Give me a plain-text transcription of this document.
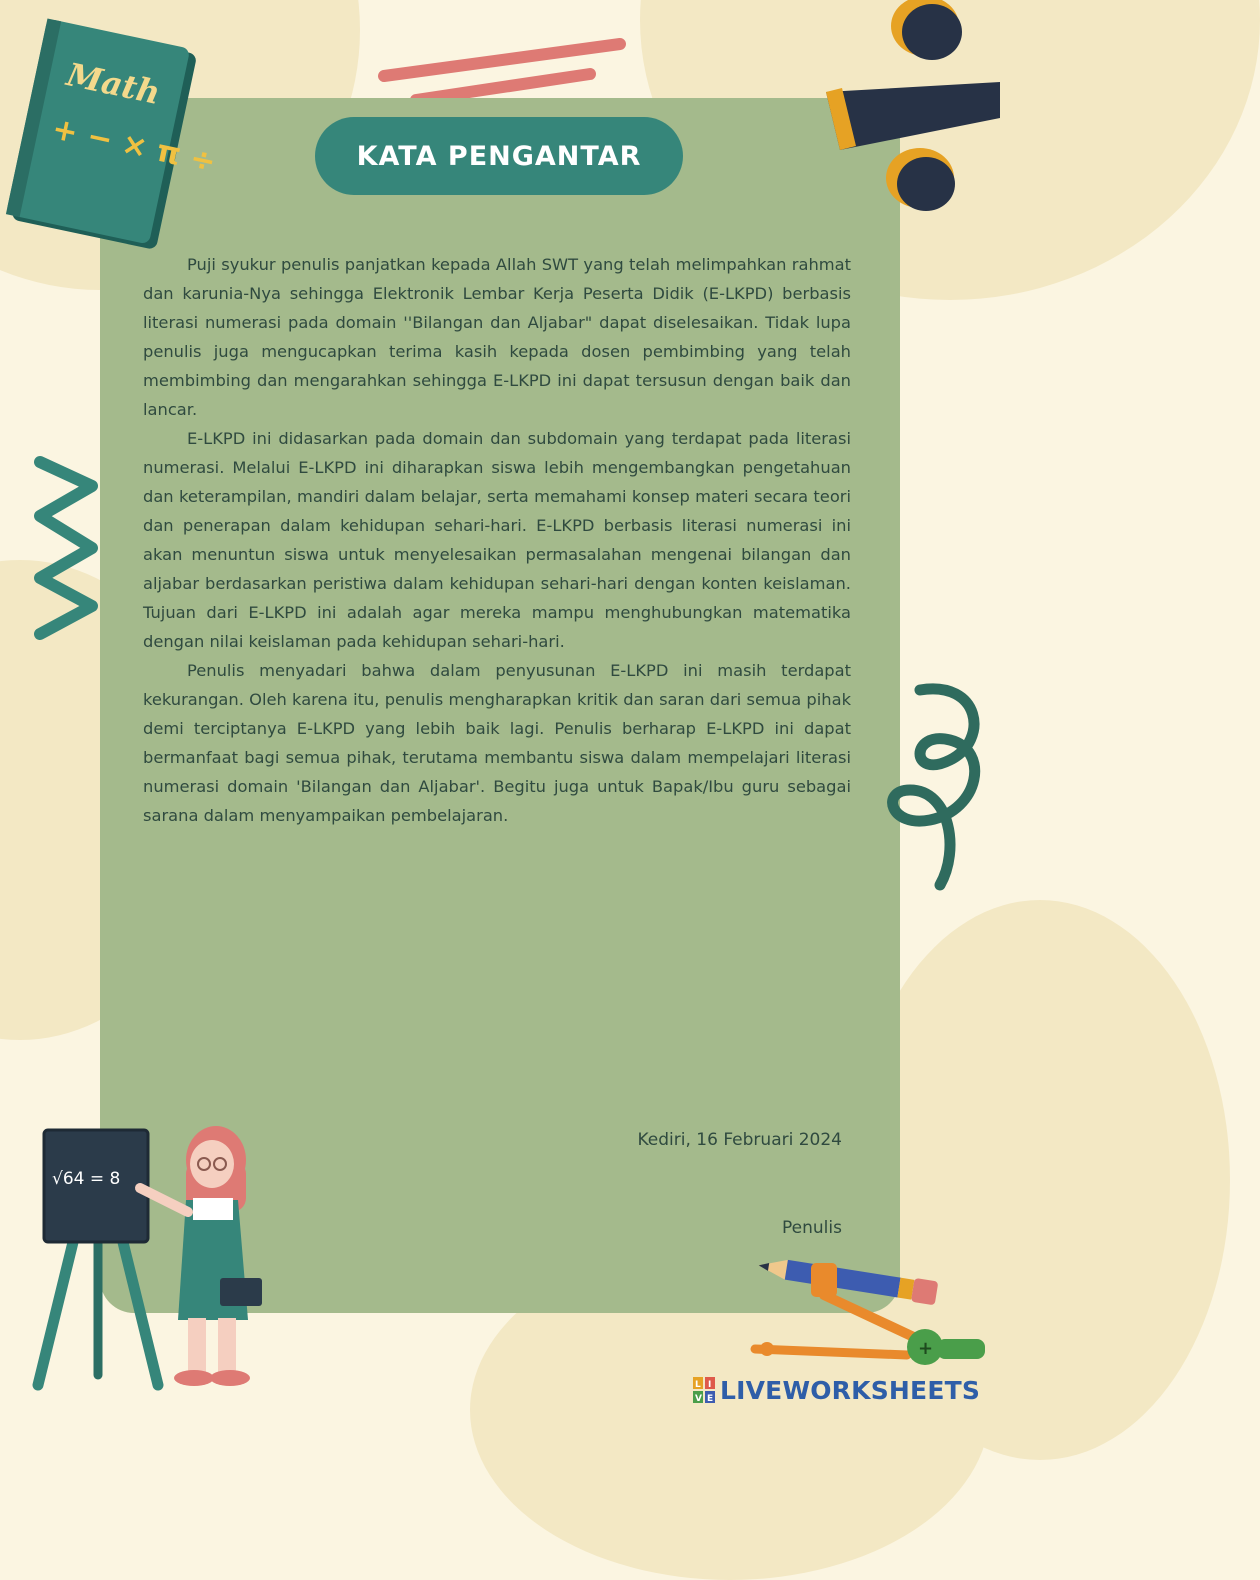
KATA PENGANTAR

Puji syukur penulis panjatkan kepada Allah SWT yang telah melimpahkan rahmat dan karunia-Nya sehingga Elektronik Lembar Kerja Peserta Didik (E-LKPD) berbasis literasi numerasi pada domain ''Bilangan dan Aljabar" dapat diselesaikan. Tidak lupa penulis juga mengucapkan terima kasih kepada dosen pembimbing yang telah membimbing dan mengarahkan sehingga E-LKPD ini dapat tersusun dengan baik dan lancar.

E-LKPD ini didasarkan pada domain dan subdomain yang terdapat pada literasi numerasi. Melalui E-LKPD ini diharapkan siswa lebih mengembangkan pengetahuan dan keterampilan, mandiri dalam belajar, serta memahami konsep materi secara teori dan penerapan dalam kehidupan sehari-hari. E-LKPD berbasis literasi numerasi ini akan menuntun siswa untuk menyelesaikan permasalahan mengenai bilangan dan aljabar berdasarkan peristiwa dalam kehidupan sehari-hari dengan konten keislaman. Tujuan dari E-LKPD ini adalah agar mereka mampu menghubungkan matematika dengan nilai keislaman pada kehidupan sehari-hari.

Penulis menyadari bahwa dalam penyusunan E-LKPD ini masih terdapat kekurangan. Oleh karena itu, penulis mengharapkan kritik dan saran dari semua pihak demi terciptanya E-LKPD yang lebih baik lagi. Penulis berharap E-LKPD ini dapat bermanfaat bagi semua pihak, terutama membantu siswa dalam mempelajari literasi numerasi domain 'Bilangan dan Aljabar'. Begitu juga untuk Bapak/Ibu guru sebagai sarana dalam menyampaikan pembelajaran.

Kediri, 16 Februari 2024
Penulis
Math
+ − × π ÷
√64 = 8
+
L I
V E LIVEWORKSHEETS
